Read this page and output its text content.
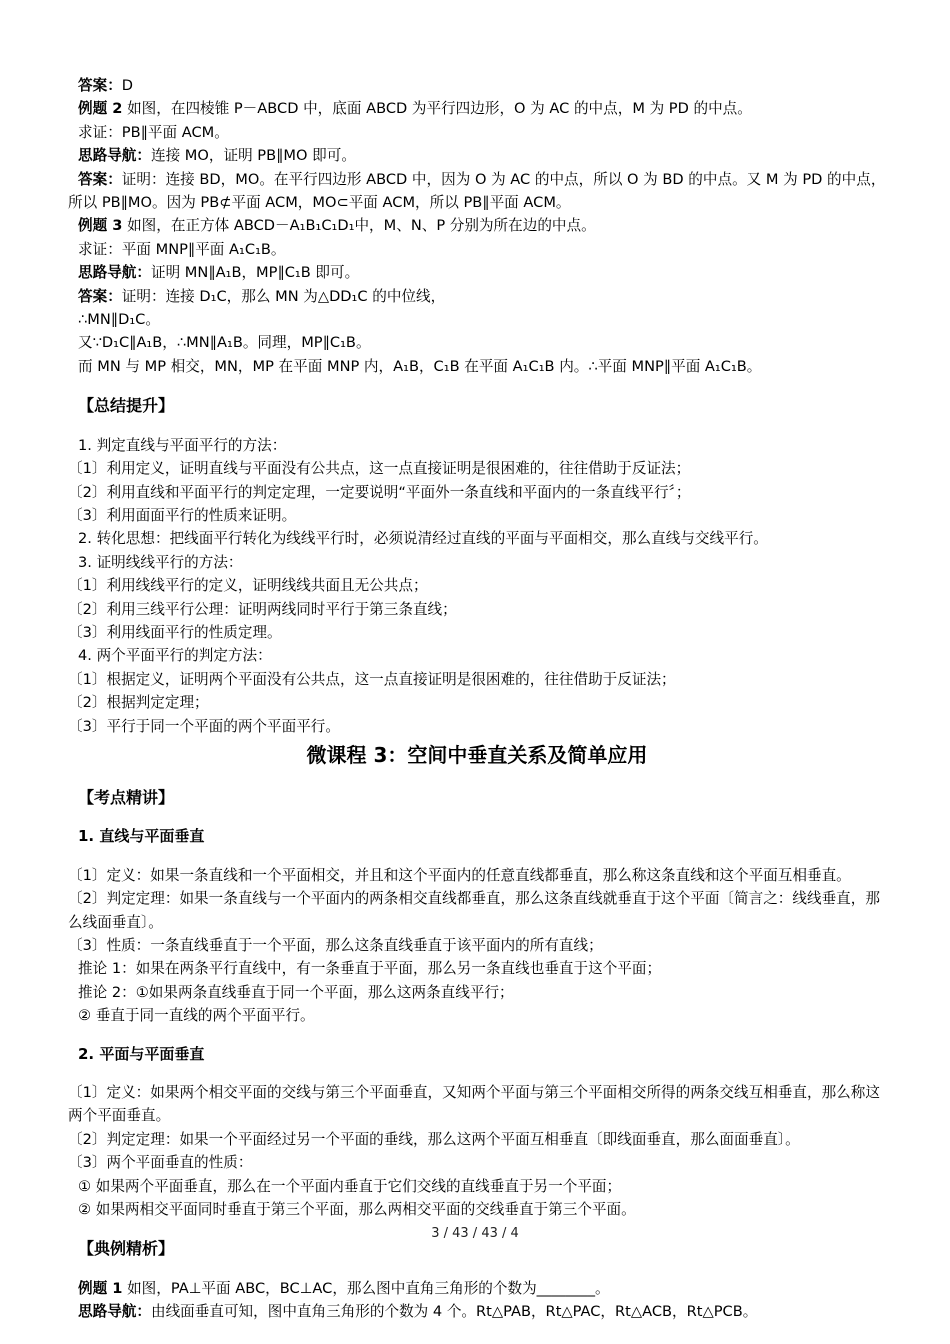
答案：D

例题 2 如图，在四棱锥 P－ABCD 中，底面 ABCD 为平行四边形，O 为 AC 的中点，M 为 PD 的中点。

求证：PB∥平面 ACM。

思路导航：连接 MO，证明 PB∥MO 即可。

答案：证明：连接 BD，MO。在平行四边形 ABCD 中，因为 O 为 AC 的中点，所以 O 为 BD 的中点。又 M 为 PD 的中点，所以 PB∥MO。因为 PB⊄平面 ACM，MO⊂平面 ACM，所以 PB∥平面 ACM。

例题 3 如图，在正方体 ABCD－A₁B₁C₁D₁中，M、N、P 分别为所在边的中点。

求证：平面 MNP∥平面 A₁C₁B。

思路导航：证明 MN∥A₁B，MP∥C₁B 即可。

答案：证明：连接 D₁C，那么 MN 为△DD₁C 的中位线，

∴MN∥D₁C。

又∵D₁C∥A₁B，∴MN∥A₁B。同理，MP∥C₁B。

而 MN 与 MP 相交，MN，MP 在平面 MNP 内，A₁B，C₁B 在平面 A₁C₁B 内。∴平面 MNP∥平面 A₁C₁B。

【总结提升】

1. 判定直线与平面平行的方法：

〔1〕利用定义，证明直线与平面没有公共点，这一点直接证明是很困难的，往往借助于反证法；

〔2〕利用直线和平面平行的判定定理，一定要说明“平面外一条直线和平面内的一条直线平行〞；

〔3〕利用面面平行的性质来证明。

2. 转化思想：把线面平行转化为线线平行时，必须说清经过直线的平面与平面相交，那么直线与交线平行。

3. 证明线线平行的方法：

〔1〕利用线线平行的定义，证明线线共面且无公共点；

〔2〕利用三线平行公理：证明两线同时平行于第三条直线；

〔3〕利用线面平行的性质定理。

4. 两个平面平行的判定方法：

〔1〕根据定义，证明两个平面没有公共点，这一点直接证明是很困难的，往往借助于反证法；

〔2〕根据判定定理；

〔3〕平行于同一个平面的两个平面平行。

微课程 3：空间中垂直关系及简单应用

【考点精讲】

1. 直线与平面垂直

〔1〕定义：如果一条直线和一个平面相交，并且和这个平面内的任意直线都垂直，那么称这条直线和这个平面互相垂直。

〔2〕判定定理：如果一条直线与一个平面内的两条相交直线都垂直，那么这条直线就垂直于这个平面〔简言之：线线垂直，那么线面垂直〕。

〔3〕性质：一条直线垂直于一个平面，那么这条直线垂直于该平面内的所有直线；

推论 1：如果在两条平行直线中，有一条垂直于平面，那么另一条直线也垂直于这个平面；

推论 2：①如果两条直线垂直于同一个平面，那么这两条直线平行；

② 垂直于同一直线的两个平面平行。

2. 平面与平面垂直

〔1〕定义：如果两个相交平面的交线与第三个平面垂直，又知两个平面与第三个平面相交所得的两条交线互相垂直，那么称这两个平面垂直。

〔2〕判定定理：如果一个平面经过另一个平面的垂线，那么这两个平面互相垂直〔即线面垂直，那么面面垂直〕。

〔3〕两个平面垂直的性质：

① 如果两个平面垂直，那么在一个平面内垂直于它们交线的直线垂直于另一个平面；

② 如果两相交平面同时垂直于第三个平面，那么两相交平面的交线垂直于第三个平面。

【典例精析】

例题 1 如图，PA⊥平面 ABC，BC⊥AC，那么图中直角三角形的个数为________。

思路导航：由线面垂直可知，图中直角三角形的个数为 4 个。Rt△PAB，Rt△PAC，Rt△ACB，Rt△PCB。

3 / 43 / 43 / 4
